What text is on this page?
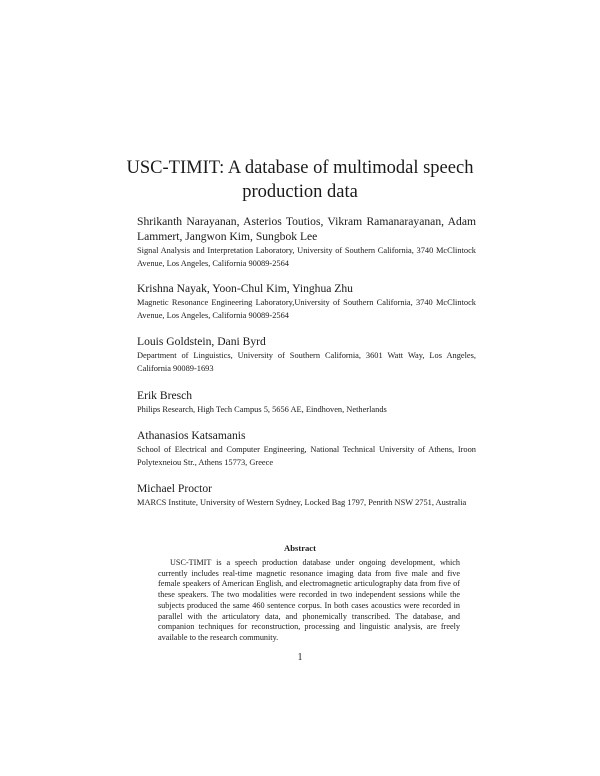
USC-TIMIT: A database of multimodal speech production data
Shrikanth Narayanan, Asterios Toutios, Vikram Ramanarayanan, Adam Lammert, Jangwon Kim, Sungbok Lee
Signal Analysis and Interpretation Laboratory, University of Southern California, 3740 McClintock Avenue, Los Angeles, California 90089-2564
Krishna Nayak, Yoon-Chul Kim, Yinghua Zhu
Magnetic Resonance Engineering Laboratory,University of Southern California, 3740 McClintock Avenue, Los Angeles, California 90089-2564
Louis Goldstein, Dani Byrd
Department of Linguistics, University of Southern California, 3601 Watt Way, Los Angeles, California 90089-1693
Erik Bresch
Philips Research, High Tech Campus 5, 5656 AE, Eindhoven, Netherlands
Athanasios Katsamanis
School of Electrical and Computer Engineering, National Technical University of Athens, Iroon Polytexneiou Str., Athens 15773, Greece
Michael Proctor
MARCS Institute, University of Western Sydney, Locked Bag 1797, Penrith NSW 2751, Australia
Abstract
USC-TIMIT is a speech production database under ongoing development, which currently includes real-time magnetic resonance imaging data from five male and five female speakers of American English, and electromagnetic articulography data from five of these speakers. The two modalities were recorded in two independent sessions while the subjects produced the same 460 sentence corpus. In both cases acoustics were recorded in parallel with the articulatory data, and phonemically transcribed. The database, and companion techniques for reconstruction, processing and linguistic analysis, are freely available to the research community.
1
